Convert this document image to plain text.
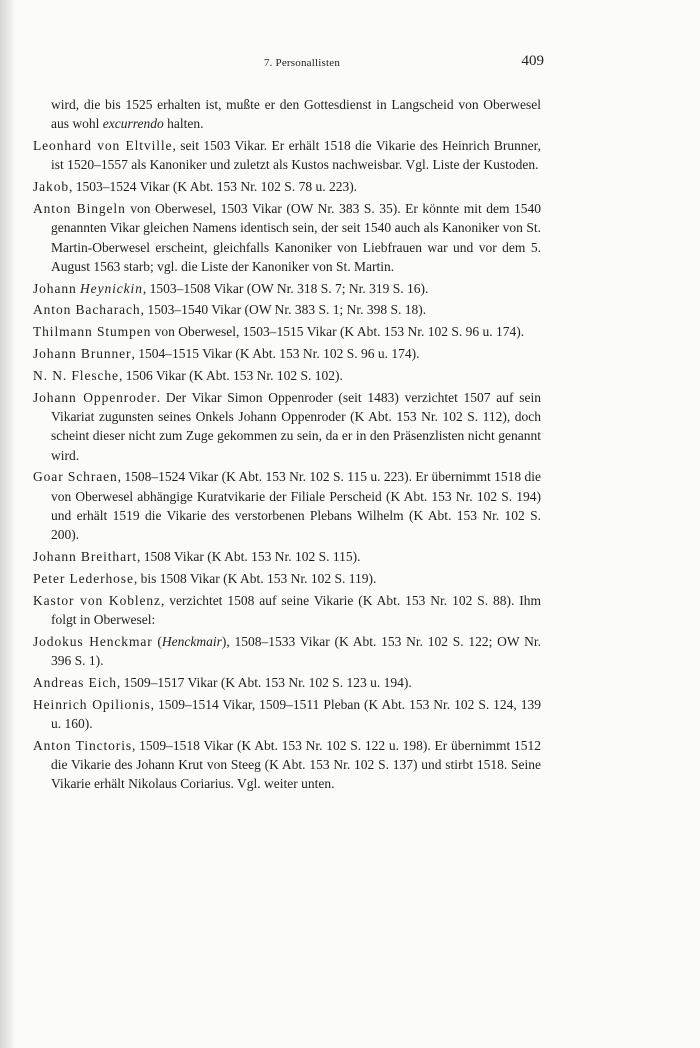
7. Personallisten	409

wird, die bis 1525 erhalten ist, mußte er den Gottesdienst in Langscheid von Oberwesel aus wohl excurrendo halten.

Leonhard von Eltville, seit 1503 Vikar. Er erhält 1518 die Vikarie des Heinrich Brunner, ist 1520–1557 als Kanoniker und zuletzt als Kustos nachweisbar. Vgl. Liste der Kustoden.

Jakob, 1503–1524 Vikar (K Abt. 153 Nr. 102 S. 78 u. 223).

Anton Bingeln von Oberwesel, 1503 Vikar (OW Nr. 383 S. 35). Er könnte mit dem 1540 genannten Vikar gleichen Namens identisch sein, der seit 1540 auch als Kanoniker von St. Martin-Oberwesel erscheint, gleichfalls Kanoniker von Liebfrauen war und vor dem 5. August 1563 starb; vgl. die Liste der Kanoniker von St. Martin.

Johann Heynickin, 1503–1508 Vikar (OW Nr. 318 S. 7; Nr. 319 S. 16).

Anton Bacharach, 1503–1540 Vikar (OW Nr. 383 S. 1; Nr. 398 S. 18).

Thilmann Stumpen von Oberwesel, 1503–1515 Vikar (K Abt. 153 Nr. 102 S. 96 u. 174).

Johann Brunner, 1504–1515 Vikar (K Abt. 153 Nr. 102 S. 96 u. 174).

N. N. Flesche, 1506 Vikar (K Abt. 153 Nr. 102 S. 102).

Johann Oppenroder. Der Vikar Simon Oppenroder (seit 1483) verzichtet 1507 auf sein Vikariat zugunsten seines Onkels Johann Oppenroder (K Abt. 153 Nr. 102 S. 112), doch scheint dieser nicht zum Zuge gekommen zu sein, da er in den Präsenzlisten nicht genannt wird.

Goar Schraen, 1508–1524 Vikar (K Abt. 153 Nr. 102 S. 115 u. 223). Er übernimmt 1518 die von Oberwesel abhängige Kuratvikarie der Filiale Perscheid (K Abt. 153 Nr. 102 S. 194) und erhält 1519 die Vikarie des verstorbenen Plebans Wilhelm (K Abt. 153 Nr. 102 S. 200).

Johann Breithart, 1508 Vikar (K Abt. 153 Nr. 102 S. 115).

Peter Lederhose, bis 1508 Vikar (K Abt. 153 Nr. 102 S. 119).

Kastor von Koblenz, verzichtet 1508 auf seine Vikarie (K Abt. 153 Nr. 102 S. 88). Ihm folgt in Oberwesel:

Jodokus Henckmar (Henckmair), 1508–1533 Vikar (K Abt. 153 Nr. 102 S. 122; OW Nr. 396 S. 1).

Andreas Eich, 1509–1517 Vikar (K Abt. 153 Nr. 102 S. 123 u. 194).

Heinrich Opilionis, 1509–1514 Vikar, 1509–1511 Pleban (K Abt. 153 Nr. 102 S. 124, 139 u. 160).

Anton Tinctoris, 1509–1518 Vikar (K Abt. 153 Nr. 102 S. 122 u. 198). Er übernimmt 1512 die Vikarie des Johann Krut von Steeg (K Abt. 153 Nr. 102 S. 137) und stirbt 1518. Seine Vikarie erhält Nikolaus Coriarius. Vgl. weiter unten.
